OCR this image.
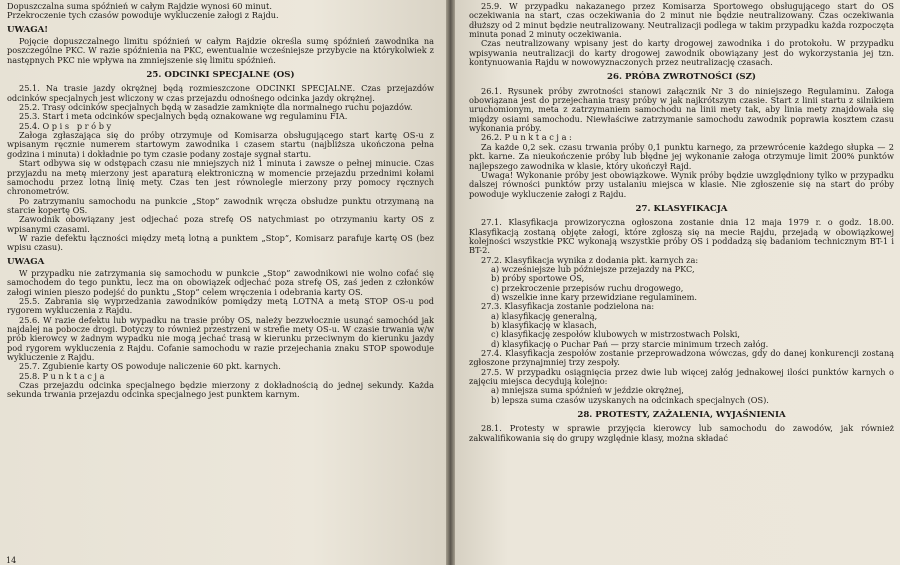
Dopuszczalna suma spóźnień w całym Rajdzie wynosi 60 minut.

Przekroczenie tych czasów powoduje wykluczenie załogi z Rajdu.

UWAGA!

Pojęcie dopuszczalnego limitu spóźnień w całym Rajdzie określa sumę spóźnień zawodnika na poszczególne PKC. W razie spóźnienia na PKC, ewentualnie wcześniejsze przybycie na którykolwiek z następnych PKC nie wpływa na zmniejszenie się limitu spóźnień.

25. ODCINKI SPECJALNE (OS)

25.1. Na trasie jazdy okrężnej będą rozmieszczone ODCINKI SPECJALNE. Czas przejazdów odcinków specjalnych jest wliczony w czas przejazdu odnośnego odcinka jazdy okrężnej.

25.2. Trasy odcinków specjalnych będą w zasadzie zamknięte dla normalnego ruchu pojazdów.

25.3. Start i meta odcinków specjalnych będą oznakowane wg regulaminu FIA.

25.4. Opis próby

Załoga zgłaszająca się do próby otrzymuje od Komisarza obsługującego start kartę OS-u z wpisanym ręcznie numerem startowym zawodnika i czasem startu (najbliższa ukończona pełna godzina i minuta) i dokładnie po tym czasie podany zostaje sygnał startu.

Start odbywa się w odstępach czasu nie mniejszych niż 1 minuta i zawsze o pełnej minucie. Czas przyjazdu na metę mierzony jest aparaturą elektroniczną w momencie przejazdu przednimi kołami samochodu przez lotną linię mety. Czas ten jest równolegle mierzony przy pomocy ręcznych chronometrów.

Po zatrzymaniu samochodu na punkcie „Stop” zawodnik wręcza obsłudze punktu otrzymaną na starcie kopertę OS.

Zawodnik obowiązany jest odjechać poza strefę OS natychmiast po otrzymaniu karty OS z wpisanymi czasami.

W razie defektu łączności między metą lotną a punktem „Stop”, Komisarz parafuje kartę OS (bez wpisu czasu).

UWAGA

W przypadku nie zatrzymania się samochodu w punkcie „Stop” zawodnikowi nie wolno cofać się samochodem do tego punktu, lecz ma on obowiązek odjechać poza strefę OS, zaś jeden z członków załogi winien pieszo podejść do punktu „Stop” celem wręczenia i odebrania karty OS.

25.5. Zabrania się wyprzedzania zawodników pomiędzy metą LOTNA a metą STOP OS-u pod rygorem wykluczenia z Rajdu.

25.6. W razie defektu lub wypadku na trasie próby OS, należy bezzwłocznie usunąć samochód jak najdalej na pobocze drogi. Dotyczy to również przestrzeni w strefie mety OS-u. W czasie trwania w/w prób kierowcy w żadnym wypadku nie mogą jechać trasą w kierunku przeciwnym do kierunku jazdy pod rygorem wykluczenia z Rajdu. Cofanie samochodu w razie przejechania znaku STOP spowoduje wykluczenie z Rajdu.

25.7. Zgubienie karty OS powoduje naliczenie 60 pkt. karnych.

25.8. Punktacja

Czas przejazdu odcinka specjalnego będzie mierzony z dokładnością do jednej sekundy. Każda sekunda trwania przejazdu odcinka specjalnego jest punktem karnym.

14

25.9. W przypadku nakazanego przez Komisarza Sportowego obsługującego start do OS oczekiwania na start, czas oczekiwania do 2 minut nie będzie neutralizowany. Czas oczekiwania dłuższy od 2 minut będzie neutralizowany. Neutralizacji podlega w takim przypadku każda rozpoczęta minuta ponad 2 minuty oczekiwania.

Czas neutralizowany wpisany jest do karty drogowej zawodnika i do protokołu. W przypadku wpisywania neutralizacji do karty drogowej zawodnik obowiązany jest do wykorzystania jej tzn. kontynuowania Rajdu w nowowyznaczonych przez neutralizację czasach.

26. PRÓBA ZWROTNOŚCI (SZ)

26.1. Rysunek próby zwrotności stanowi załącznik Nr 3 do niniejszego Regulaminu. Załoga obowiązana jest do przejechania trasy próby w jak najkrótszym czasie. Start z linii startu z silnikiem uruchomionym, meta z zatrzymaniem samochodu na linii mety tak, aby linia mety znajdowała się między osiami samochodu. Niewłaściwe zatrzymanie samochodu zawodnik poprawia kosztem czasu wykonania próby.

26.2. Punktacja:

Za każde 0,2 sek. czasu trwania próby 0,1 punktu karnego, za przewrócenie każdego słupka — 2 pkt. karne. Za nieukończenie próby lub błędne jej wykonanie załoga otrzymuje limit 200% punktów najlepszego zawodnika w klasie, który ukończył Rajd.

Uwaga! Wykonanie próby jest obowiązkowe. Wynik próby będzie uwzględniony tylko w przypadku dalszej równości punktów przy ustalaniu miejsca w klasie. Nie zgłoszenie się na start do próby powoduje wykluczenie załogi z Rajdu.

27. KLASYFIKACJA

27.1. Klasyfikacja prowizoryczna ogłoszona zostanie dnia 12 maja 1979 r. o godz. 18.00. Klasyfikacją zostaną objęte załogi, które zgłoszą się na mecie Rajdu, przejadą w obowiązkowej kolejności wszystkie PKC wykonają wszystkie próby OS i poddadzą się badaniom technicznym BT-1 i BT-2.

27.2. Klasyfikacja wynika z dodania pkt. karnych za:

a) wcześniejsze lub późniejsze przejazdy na PKC,

b) próby sportowe OS,

c) przekroczenie przepisów ruchu drogowego,

d) wszelkie inne kary przewidziane regulaminem.

27.3. Klasyfikacja zostanie podzielona na:

a) klasyfikację generalną,

b) klasyfikację w klasach,

c) klasyfikację zespołów klubowych w mistrzostwach Polski,

d) klasyfikację o Puchar Pań — przy starcie minimum trzech załóg.

27.4. Klasyfikacja zespołów zostanie przeprowadzona wówczas, gdy do danej konkurencji zostaną zgłoszone przynajmniej trzy zespoły.

27.5. W przypadku osiągnięcia przez dwie lub więcej załóg jednakowej ilości punktów karnych o zajęciu miejsca decydują kolejno:

a) mniejsza suma spóźnień w jeździe okrężnej,

b) lepsza suma czasów uzyskanych na odcinkach specjalnych (OS).

28. PROTESTY, ZAŻALENIA, WYJAŚNIENIA

28.1. Protesty w sprawie przyjęcia kierowcy lub samochodu do zawodów, jak również zakwalifikowania się do grupy względnie klasy, można składać
